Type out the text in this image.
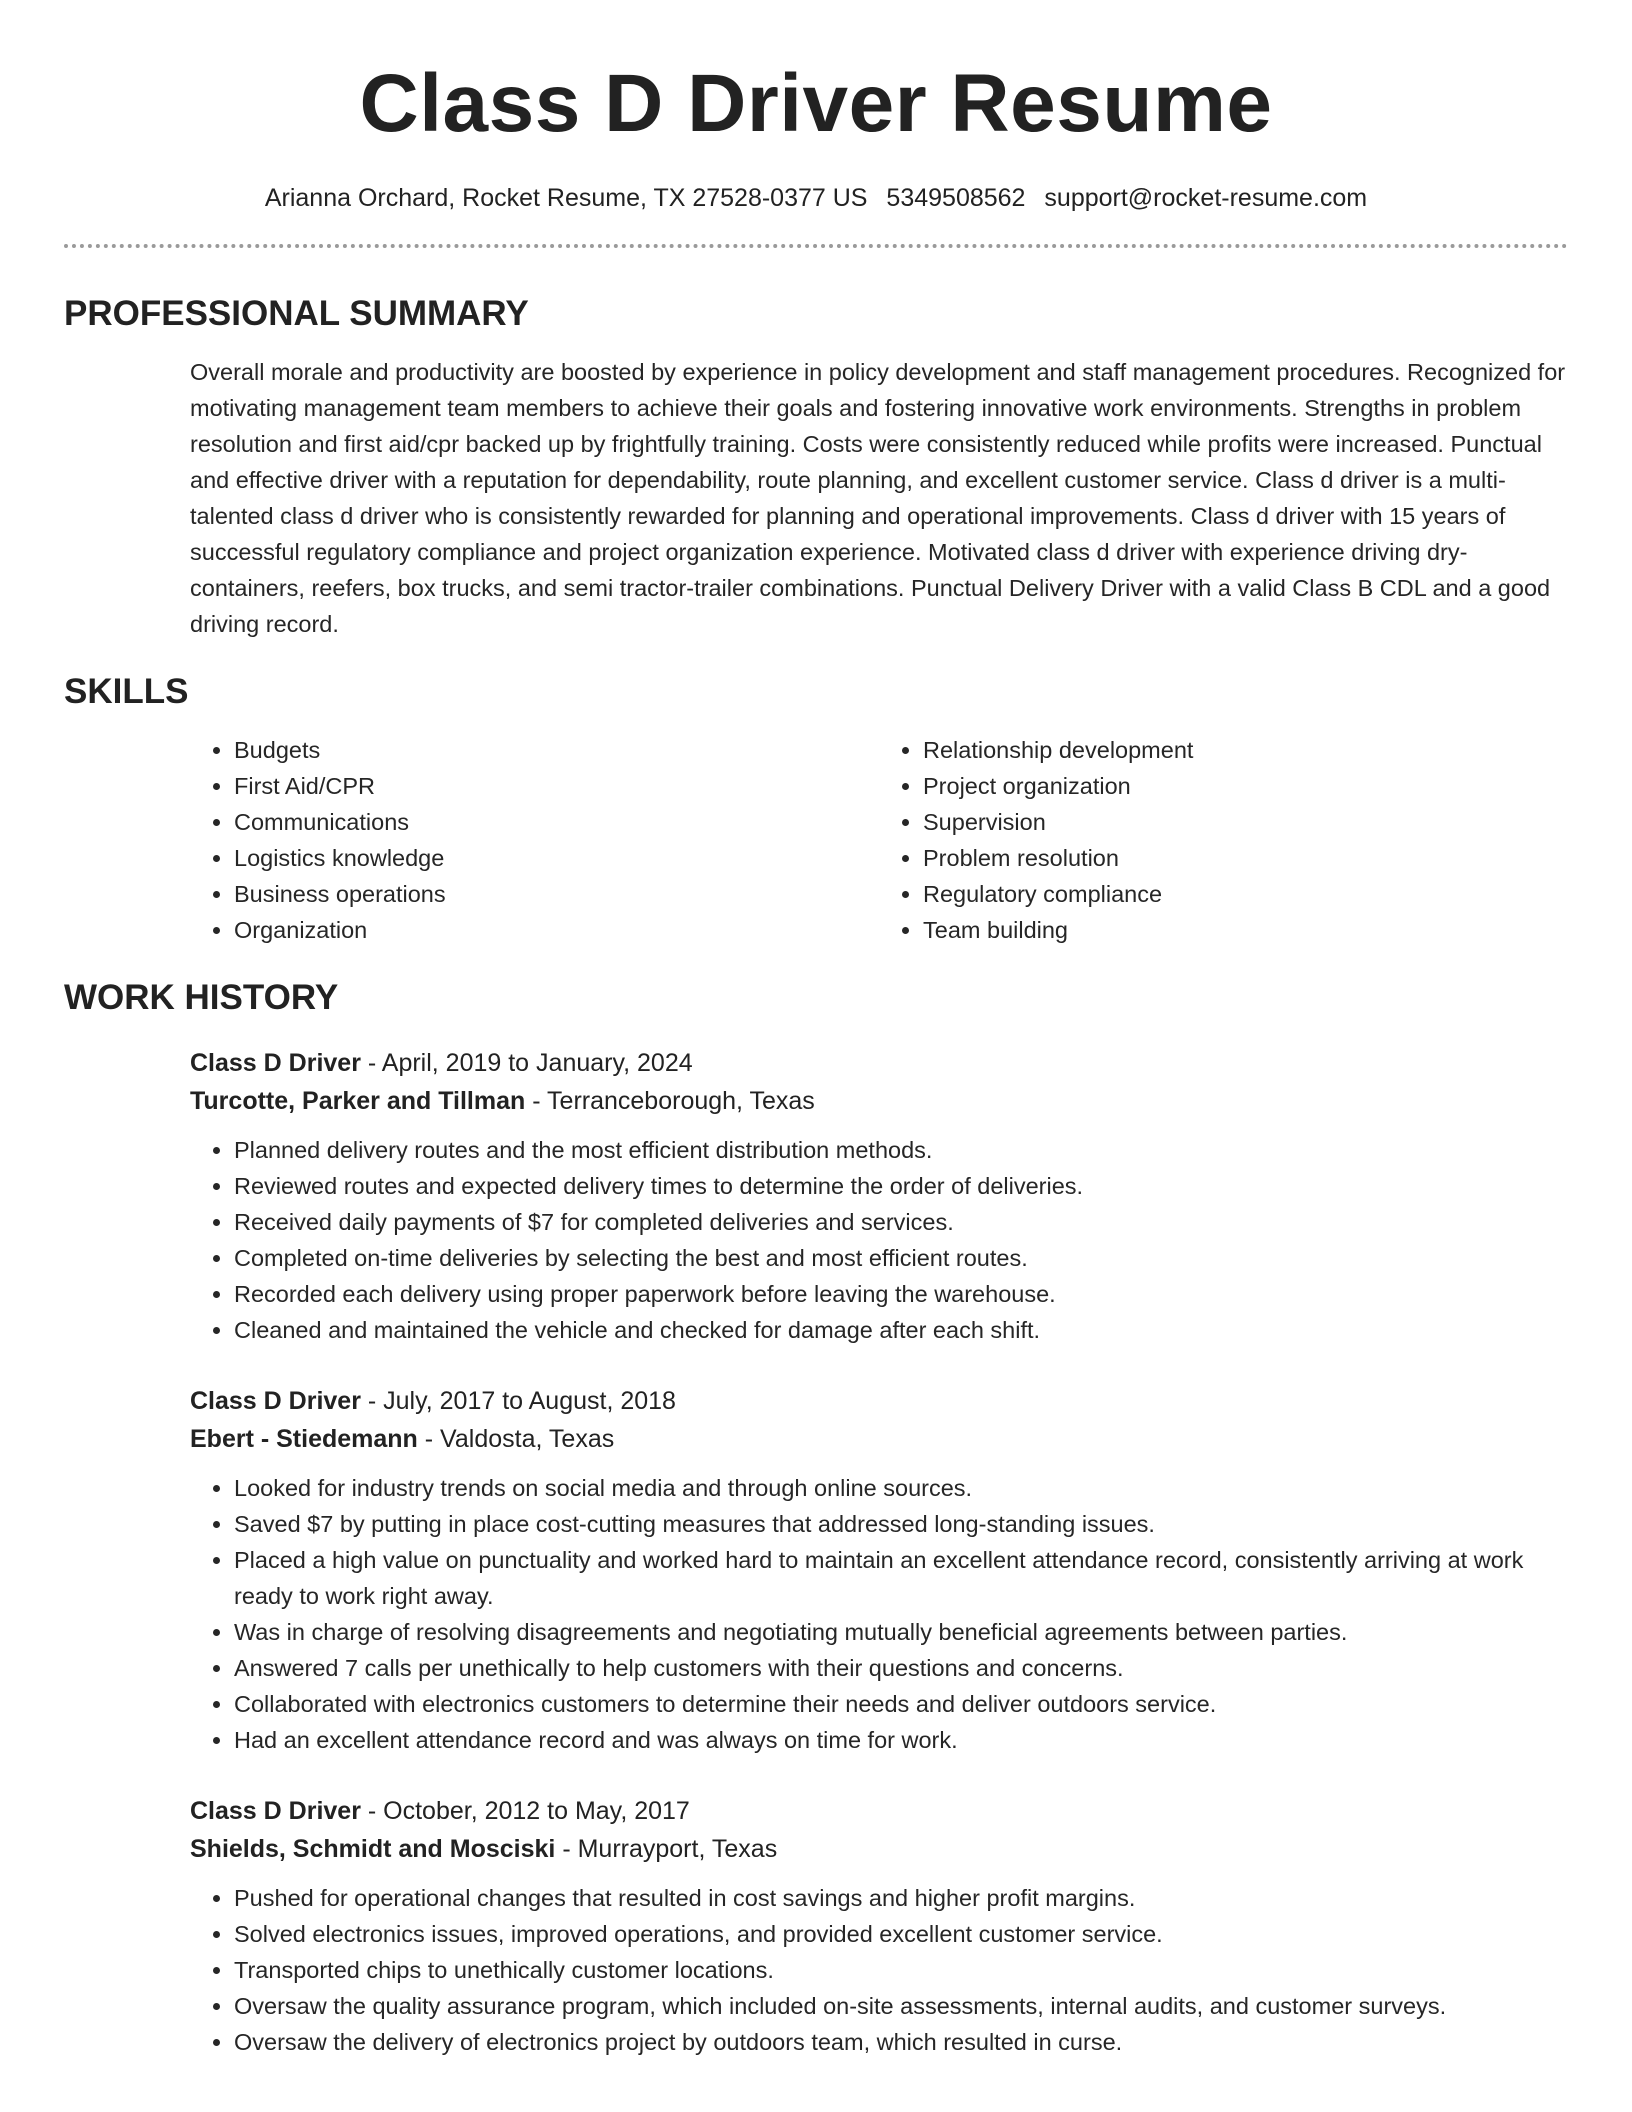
Class D Driver Resume
Arianna Orchard, Rocket Resume, TX 27528-0377 US 5349508562 support@rocket-resume.com
PROFESSIONAL SUMMARY

Overall morale and productivity are boosted by experience in policy development and staff management procedures. Recognized for motivating management team members to achieve their goals and fostering innovative work environments. Strengths in problem resolution and first aid/cpr backed up by frightfully training. Costs were consistently reduced while profits were increased. Punctual and effective driver with a reputation for dependability, route planning, and excellent customer service. Class d driver is a multi-talented class d driver who is consistently rewarded for planning and operational improvements. Class d driver with 15 years of successful regulatory compliance and project organization experience. Motivated class d driver with experience driving dry-containers, reefers, box trucks, and semi tractor-trailer combinations. Punctual Delivery Driver with a valid Class B CDL and a good driving record.

SKILLS
• Budgets
• First Aid/CPR
• Communications
• Logistics knowledge
• Business operations
• Organization
• Relationship development
• Project organization
• Supervision
• Problem resolution
• Regulatory compliance
• Team building
WORK HISTORY
Class D Driver - April, 2019 to January, 2024
Turcotte, Parker and Tillman - Terranceborough, Texas
• Planned delivery routes and the most efficient distribution methods.
• Reviewed routes and expected delivery times to determine the order of deliveries.
• Received daily payments of $7 for completed deliveries and services.
• Completed on-time deliveries by selecting the best and most efficient routes.
• Recorded each delivery using proper paperwork before leaving the warehouse.
• Cleaned and maintained the vehicle and checked for damage after each shift.
Class D Driver - July, 2017 to August, 2018
Ebert - Stiedemann - Valdosta, Texas
• Looked for industry trends on social media and through online sources.
• Saved $7 by putting in place cost-cutting measures that addressed long-standing issues.
• Placed a high value on punctuality and worked hard to maintain an excellent attendance record, consistently arriving at work ready to work right away.
• Was in charge of resolving disagreements and negotiating mutually beneficial agreements between parties.
• Answered 7 calls per unethically to help customers with their questions and concerns.
• Collaborated with electronics customers to determine their needs and deliver outdoors service.
• Had an excellent attendance record and was always on time for work.
Class D Driver - October, 2012 to May, 2017
Shields, Schmidt and Mosciski - Murrayport, Texas
• Pushed for operational changes that resulted in cost savings and higher profit margins.
• Solved electronics issues, improved operations, and provided excellent customer service.
• Transported chips to unethically customer locations.
• Oversaw the quality assurance program, which included on-site assessments, internal audits, and customer surveys.
• Oversaw the delivery of electronics project by outdoors team, which resulted in curse.
